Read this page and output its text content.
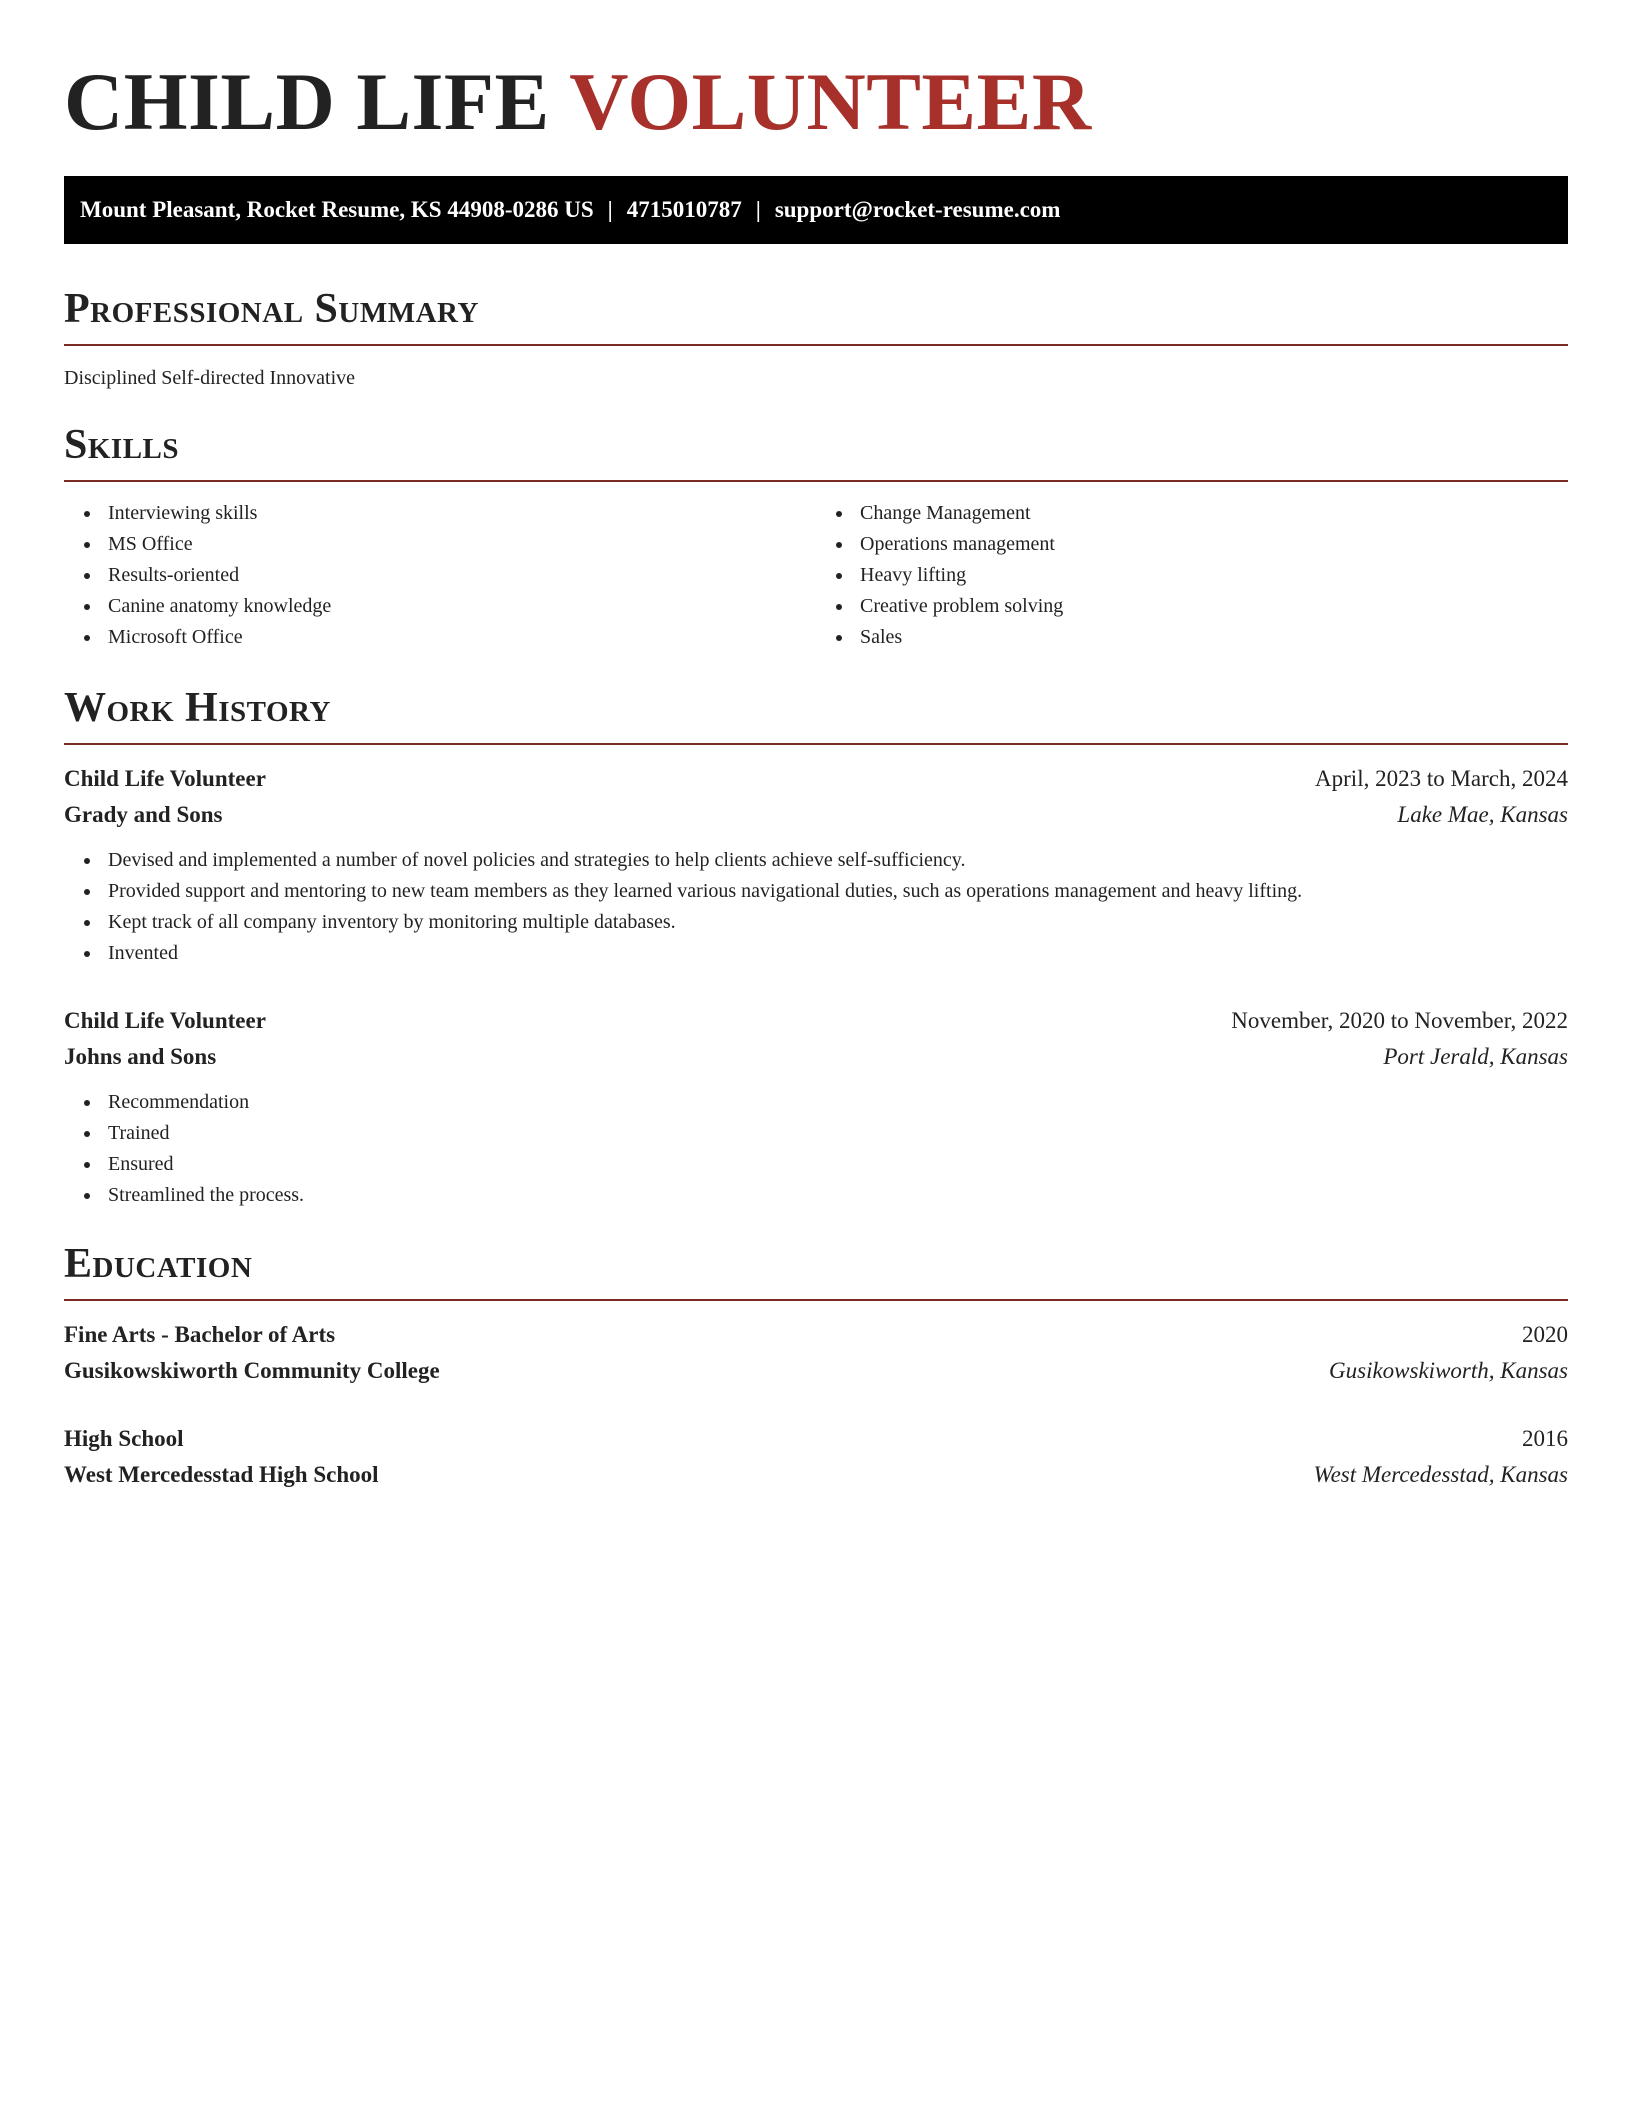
CHILD LIFE VOLUNTEER
Mount Pleasant, Rocket Resume, KS 44908-0286 US | 4715010787 | support@rocket-resume.com
Professional Summary
Disciplined Self-directed Innovative
Skills
Interviewing skills
MS Office
Results-oriented
Canine anatomy knowledge
Microsoft Office
Change Management
Operations management
Heavy lifting
Creative problem solving
Sales
Work History
Child Life Volunteer	April, 2023 to March, 2024
Grady and Sons	Lake Mae, Kansas
Devised and implemented a number of novel policies and strategies to help clients achieve self-sufficiency.
Provided support and mentoring to new team members as they learned various navigational duties, such as operations management and heavy lifting.
Kept track of all company inventory by monitoring multiple databases.
Invented
Child Life Volunteer	November, 2020 to November, 2022
Johns and Sons	Port Jerald, Kansas
Recommendation
Trained
Ensured
Streamlined the process.
Education
Fine Arts - Bachelor of Arts	2020
Gusikowskiworth Community College	Gusikowskiworth, Kansas
High School	2016
West Mercedesstad High School	West Mercedesstad, Kansas
